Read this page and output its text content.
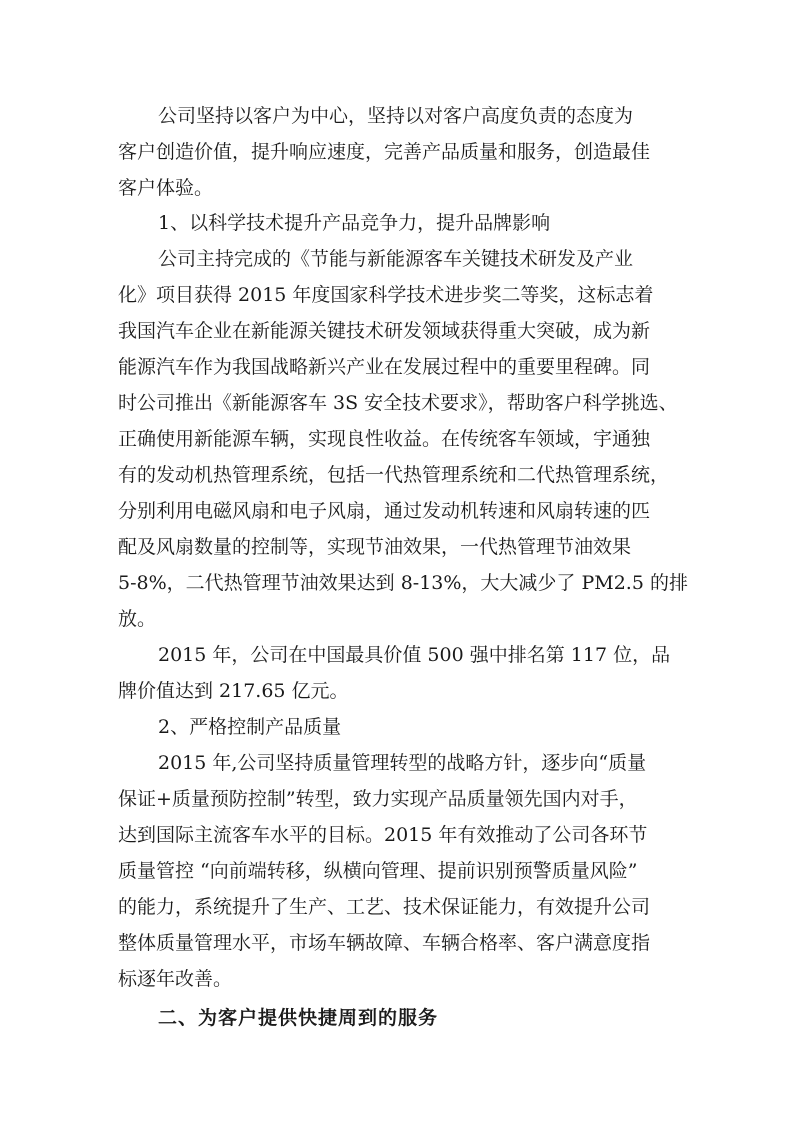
公司坚持以客户为中心，坚持以对客户高度负责的态度为
客户创造价值，提升响应速度，完善产品质量和服务，创造最佳
客户体验。
1、以科学技术提升产品竞争力，提升品牌影响
公司主持完成的《节能与新能源客车关键技术研发及产业
化》项目获得 2015 年度国家科学技术进步奖二等奖，这标志着
我国汽车企业在新能源关键技术研发领域获得重大突破，成为新
能源汽车作为我国战略新兴产业在发展过程中的重要里程碑。同
时公司推出《新能源客车 3S 安全技术要求》，帮助客户科学挑选、
正确使用新能源车辆，实现良性收益。在传统客车领域，宇通独
有的发动机热管理系统，包括一代热管理系统和二代热管理系统，
分别利用电磁风扇和电子风扇，通过发动机转速和风扇转速的匹
配及风扇数量的控制等，实现节油效果，一代热管理节油效果
5-8%，二代热管理节油效果达到 8-13%，大大减少了 PM2.5 的排
放。
2015 年，公司在中国最具价值 500 强中排名第 117 位，品
牌价值达到 217.65 亿元。
2、严格控制产品质量
2015 年,公司坚持质量管理转型的战略方针，逐步向“质量
保证+质量预防控制”转型，致力实现产品质量领先国内对手，
达到国际主流客车水平的目标。2015 年有效推动了公司各环节
质量管控 “向前端转移，纵横向管理、提前识别预警质量风险”
的能力，系统提升了生产、工艺、技术保证能力，有效提升公司
整体质量管理水平，市场车辆故障、车辆合格率、客户满意度指
标逐年改善。
二、为客户提供快捷周到的服务
